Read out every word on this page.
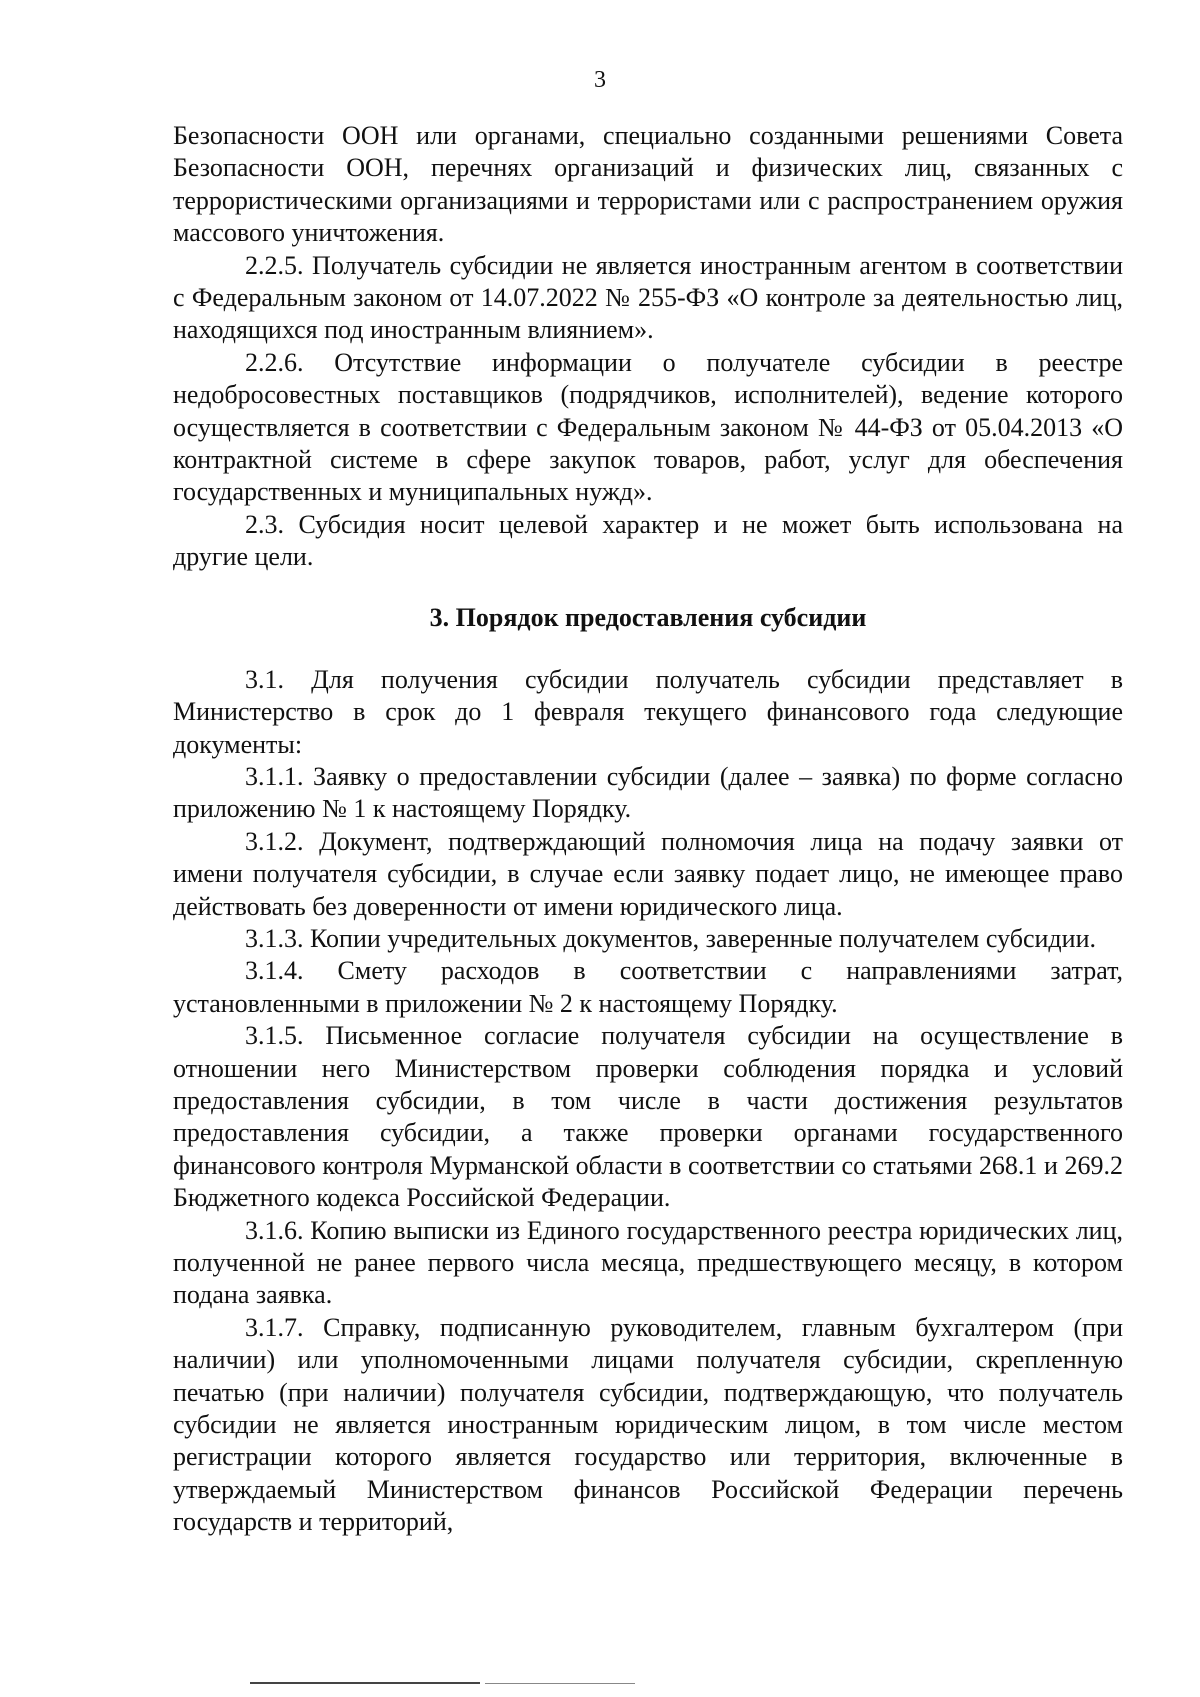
3

Безопасности ООН или органами, специально созданными решениями Совета Безопасности ООН, перечнях организаций и физических лиц, связанных с террористическими организациями и террористами или с распространением оружия массового уничтожения.

2.2.5. Получатель субсидии не является иностранным агентом в соответствии с Федеральным законом от 14.07.2022 № 255-ФЗ «О контроле за деятельностью лиц, находящихся под иностранным влиянием».

2.2.6. Отсутствие информации о получателе субсидии в реестре недобросовестных поставщиков (подрядчиков, исполнителей), ведение которого осуществляется в соответствии с Федеральным законом № 44-ФЗ от 05.04.2013 «О контрактной системе в сфере закупок товаров, работ, услуг для обеспечения государственных и муниципальных нужд».

2.3. Субсидия носит целевой характер и не может быть использована на другие цели.

3. Порядок предоставления субсидии

3.1. Для получения субсидии получатель субсидии представляет в Министерство в срок до 1 февраля текущего финансового года следующие документы:

3.1.1. Заявку о предоставлении субсидии (далее – заявка) по форме согласно приложению № 1 к настоящему Порядку.

3.1.2. Документ, подтверждающий полномочия лица на подачу заявки от имени получателя субсидии, в случае если заявку подает лицо, не имеющее право действовать без доверенности от имени юридического лица.

3.1.3. Копии учредительных документов, заверенные получателем субсидии.

3.1.4. Смету расходов в соответствии с направлениями затрат, установленными в приложении № 2 к настоящему Порядку.

3.1.5. Письменное согласие получателя субсидии на осуществление в отношении него Министерством проверки соблюдения порядка и условий предоставления субсидии, в том числе в части достижения результатов предоставления субсидии, а также проверки органами государственного финансового контроля Мурманской области в соответствии со статьями 268.1 и 269.2 Бюджетного кодекса Российской Федерации.

3.1.6. Копию выписки из Единого государственного реестра юридических лиц, полученной не ранее первого числа месяца, предшествующего месяцу, в котором подана заявка.

3.1.7. Справку, подписанную руководителем, главным бухгалтером (при наличии) или уполномоченными лицами получателя субсидии, скрепленную печатью (при наличии) получателя субсидии, подтверждающую, что получатель субсидии не является иностранным юридическим лицом, в том числе местом регистрации которого является государство или территория, включенные в утверждаемый Министерством финансов Российской Федерации перечень государств и территорий,
